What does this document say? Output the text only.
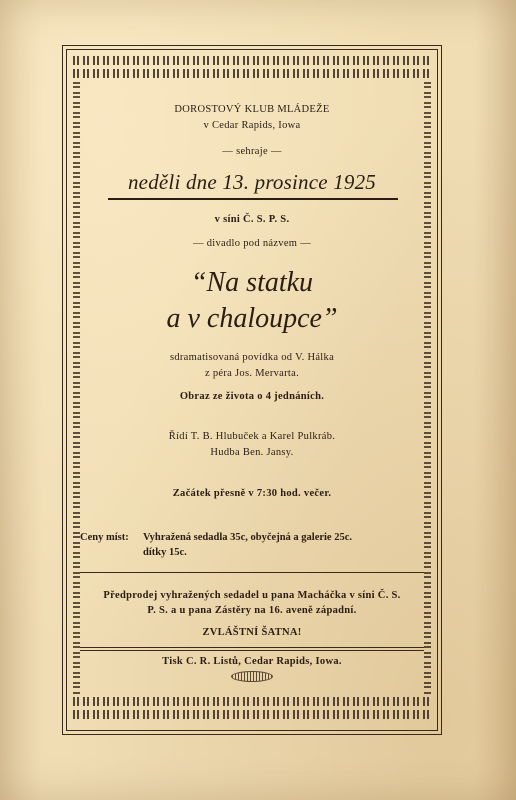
DOROSTOVÝ KLUB MLÁDEŽE
v Cedar Rapids, Iowa
— sehraje —
neděli dne 13. prosince 1925
v síni Č. S. P. S.
— divadlo pod názvem —
“Na statku
a v chaloupce”
sdramatisovaná povídka od V. Hálka
z péra Jos. Mervarta.
Obraz ze života o 4 jednáních.
Řídí T. B. Hlubuček a Karel Pulkráb.
Hudba Ben. Jansy.
Začátek přesně v 7:30 hod. večer.
Ceny míst: Vyhražená sedadla 35c, obyčejná a galerie 25c.
dítky 15c.
Předprodej vyhražených sedadel u pana Macháčka v síni Č. S.
P. S. a u pana Zástěry na 16. aveně západní.
ZVLÁŠTNÍ ŠATNA!
Tisk C. R. Listů, Cedar Rapids, Iowa.
